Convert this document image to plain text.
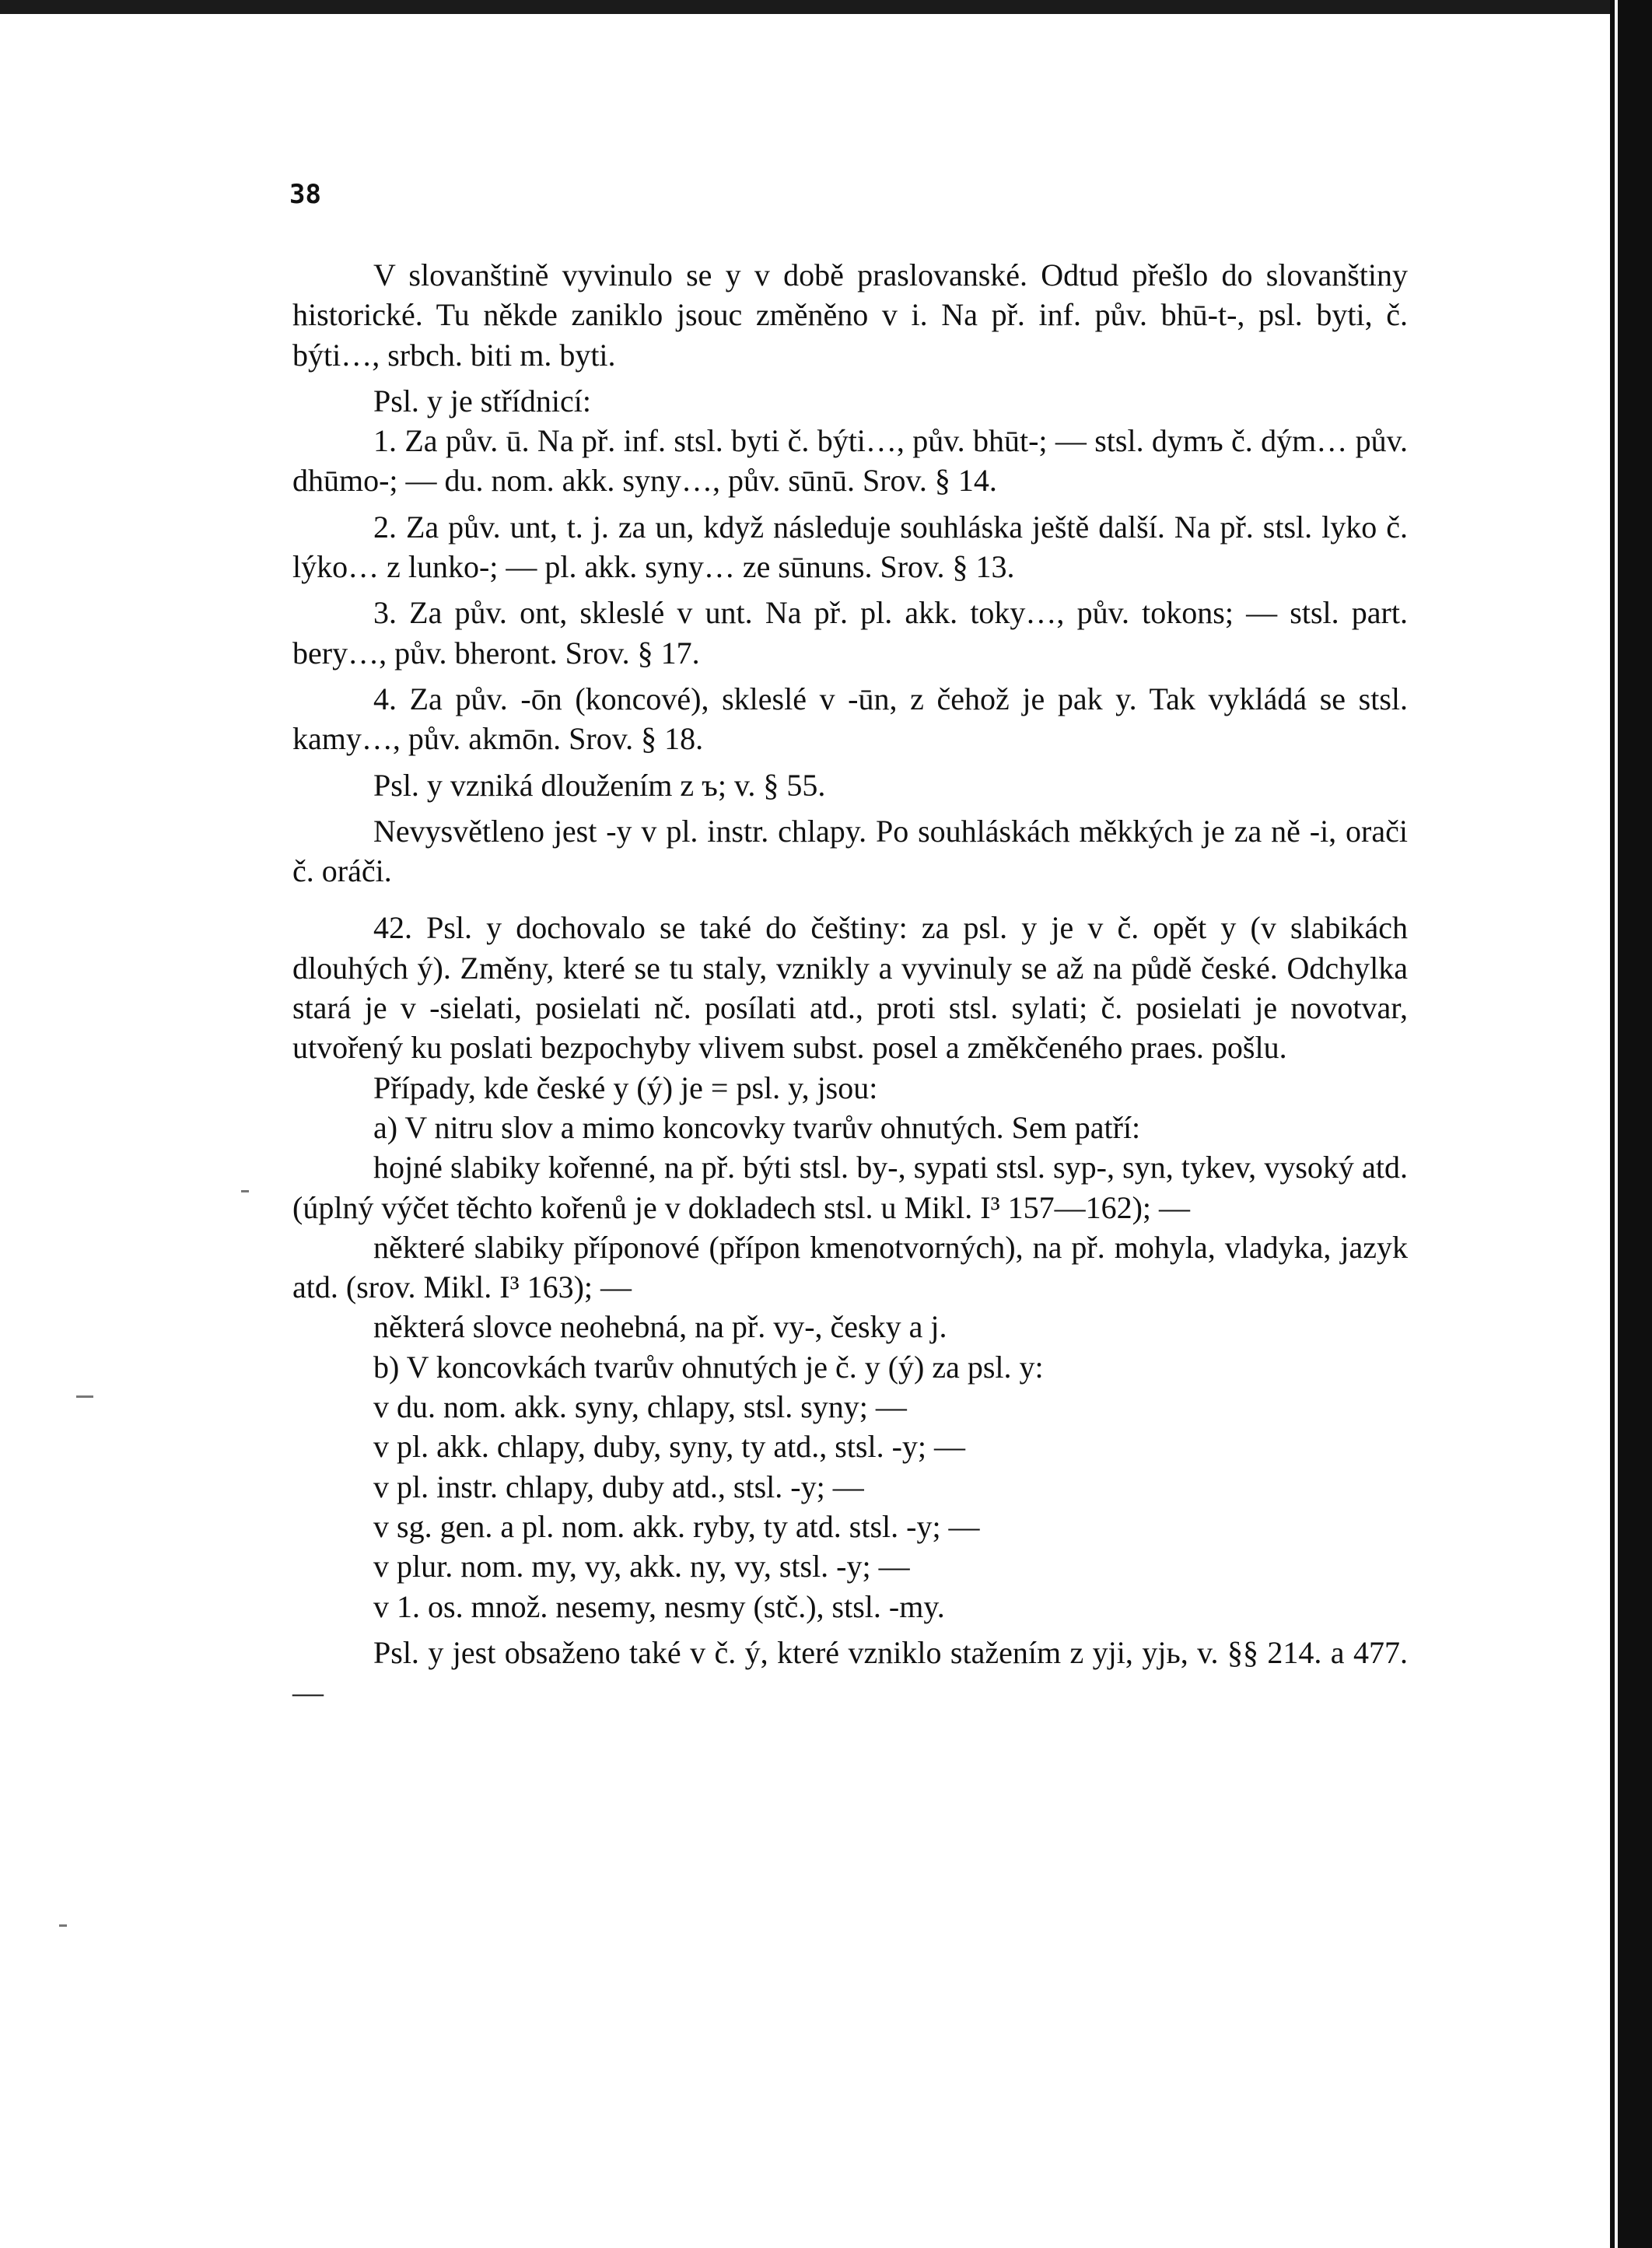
38

V slovanštině vyvinulo se y v době praslovanské. Odtud přešlo do slovanštiny historické. Tu někde zaniklo jsouc změněno v i. Na př. inf. pův. bhū-t-, psl. byti, č. býti…, srbch. biti m. byti.

Psl. y je střídnicí:

1. Za pův. ū. Na př. inf. stsl. byti č. býti…, pův. bhūt-; — stsl. dymъ č. dým… pův. dhūmo-; — du. nom. akk. syny…, pův. sūnū. Srov. § 14.

2. Za pův. unt, t. j. za un, když následuje souhláska ještě další. Na př. stsl. lyko č. lýko… z lunko-; — pl. akk. syny… ze sūnuns. Srov. § 13.

3. Za pův. ont, skleslé v unt. Na př. pl. akk. toky…, pův. tokons; — stsl. part. bery…, pův. bheront. Srov. § 17.

4. Za pův. -ōn (koncové), skleslé v -ūn, z čehož je pak y. Tak vykládá se stsl. kamy…, pův. akmōn. Srov. § 18.

Psl. y vzniká dloužením z ъ; v. § 55.

Nevysvětleno jest -y v pl. instr. chlapy. Po souhláskách měkkých je za ně -i, orači č. oráči.

42. Psl. y dochovalo se také do češtiny: za psl. y je v č. opět y (v slabikách dlouhých ý). Změny, které se tu staly, vznikly a vyvinuly se až na půdě české. Odchylka stará je v -sielati, posielati nč. posílati atd., proti stsl. sylati; č. posielati je novotvar, utvořený ku poslati bezpochyby vlivem subst. posel a změkčeného praes. pošlu.

Případy, kde české y (ý) je = psl. y, jsou:

a) V nitru slov a mimo koncovky tvarův ohnutých. Sem patří:

hojné slabiky kořenné, na př. býti stsl. by-, sypati stsl. syp-, syn, tykev, vysoký atd. (úplný výčet těchto kořenů je v dokladech stsl. u Mikl. I³ 157—162); —

některé slabiky příponové (přípon kmenotvorných), na př. mohyla, vladyka, jazyk atd. (srov. Mikl. I³ 163); —

některá slovce neohebná, na př. vy-, česky a j.

b) V koncovkách tvarův ohnutých je č. y (ý) za psl. y:

v du. nom. akk. syny, chlapy, stsl. syny; —

v pl. akk. chlapy, duby, syny, ty atd., stsl. -y; —

v pl. instr. chlapy, duby atd., stsl. -y; —

v sg. gen. a pl. nom. akk. ryby, ty atd. stsl. -y; —

v plur. nom. my, vy, akk. ny, vy, stsl. -y; —

v 1. os. množ. nesemy, nesmy (stč.), stsl. -my.

Psl. y jest obsaženo také v č. ý, které vzniklo stažením z yji, yjь, v. §§ 214. a 477. —
